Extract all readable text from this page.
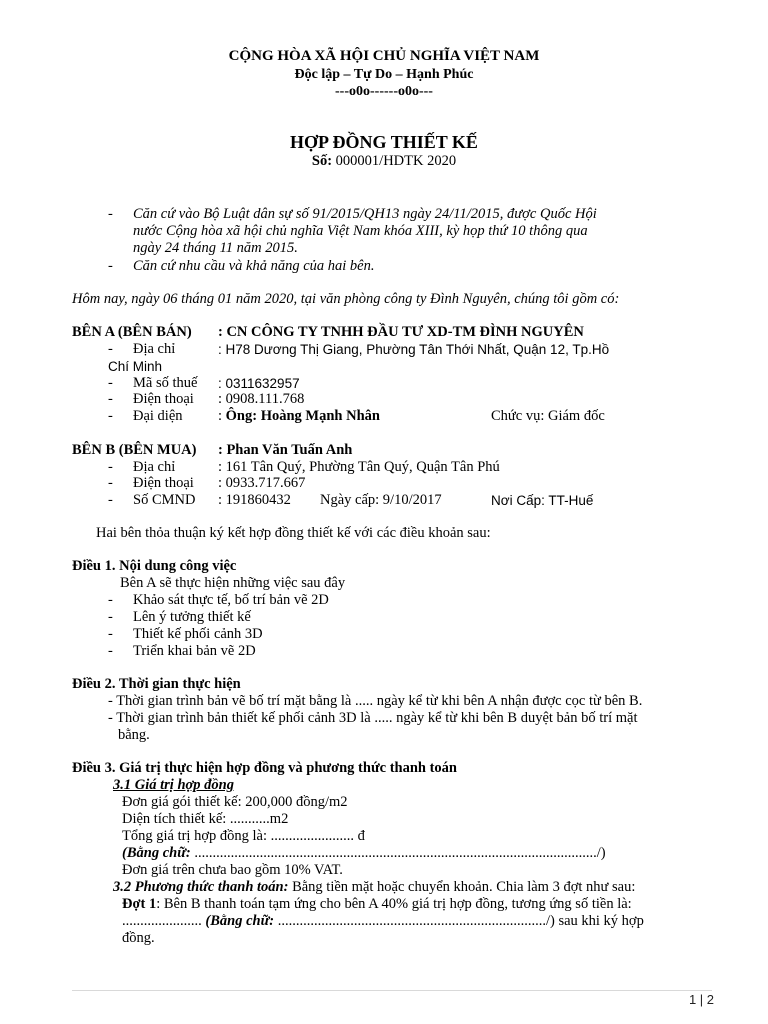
CỘNG HÒA XÃ HỘI CHỦ NGHĨA VIỆT NAM
Độc lập – Tự Do – Hạnh Phúc
---o0o------o0o---
HỢP ĐỒNG THIẾT KẾ
Số: 000001/HDTK 2020
- Căn cứ vào Bộ Luật dân sự số 91/2015/QH13 ngày 24/11/2015, được Quốc Hội
nước Cộng hòa xã hội chủ nghĩa Việt Nam khóa XIII, kỳ họp thứ 10 thông qua
ngày 24 tháng 11 năm 2015.
- Căn cứ nhu cầu và khả năng của hai bên.
Hôm nay, ngày 06 tháng 01 năm 2020, tại văn phòng công ty Đình Nguyên, chúng tôi gồm có:
BÊN A (BÊN BÁN) : CN CÔNG TY TNHH ĐẦU TƯ XD-TM ĐÌNH NGUYÊN
- Địa chỉ	: H78 Dương Thị Giang, Phường Tân Thới Nhất, Quận 12, Tp.Hồ
Chí Minh
- Mã số thuế : 0311632957
- Điện thoại : 0908.111.768
- Đại diện : Ông: Hoàng Mạnh Nhân	Chức vụ: Giám đốc
BÊN B (BÊN MUA) : Phan Văn Tuấn Anh
- Địa chỉ	: 161 Tân Quý, Phường Tân Quý, Quận Tân Phú
- Điện thoại : 0933.717.667
- Số CMND : 191860432 Ngày cấp: 9/10/2017	Nơi Cấp: TT-Huế
Hai bên thỏa thuận ký kết hợp đồng thiết kế với các điều khoản sau:
Điều 1. Nội dung công việc
Bên A sẽ thực hiện những việc sau đây
- Khảo sát thực tế, bố trí bản vẽ 2D
- Lên ý tưởng thiết kế
- Thiết kế phối cảnh 3D
- Triển khai bản vẽ 2D
Điều 2. Thời gian thực hiện
- Thời gian trình bản vẽ bố trí mặt bằng là ..... ngày kể từ khi bên A nhận được cọc từ bên B.
- Thời gian trình bản thiết kế phối cảnh 3D là ..... ngày kể từ khi bên B duyệt bản bố trí mặt
bằng.
Điều 3. Giá trị thực hiện hợp đồng và phương thức thanh toán
3.1 Giá trị hợp đồng
Đơn giá gói thiết kế: 200,000 đồng/m2
Diện tích thiết kế: ...........m2
Tổng giá trị hợp đồng là: ....................... đ
(Bằng chữ: .............................................................................................................../)
Đơn giá trên chưa bao gồm 10% VAT.
3.2 Phương thức thanh toán: Bằng tiền mặt hoặc chuyển khoản. Chia làm 3 đợt như sau:
Đợt 1: Bên B thanh toán tạm ứng cho bên A 40% giá trị hợp đồng, tương ứng số tiền là:
...................... (Bằng chữ: ........................................................................../) sau khi ký hợp
đồng.
1 | 2
